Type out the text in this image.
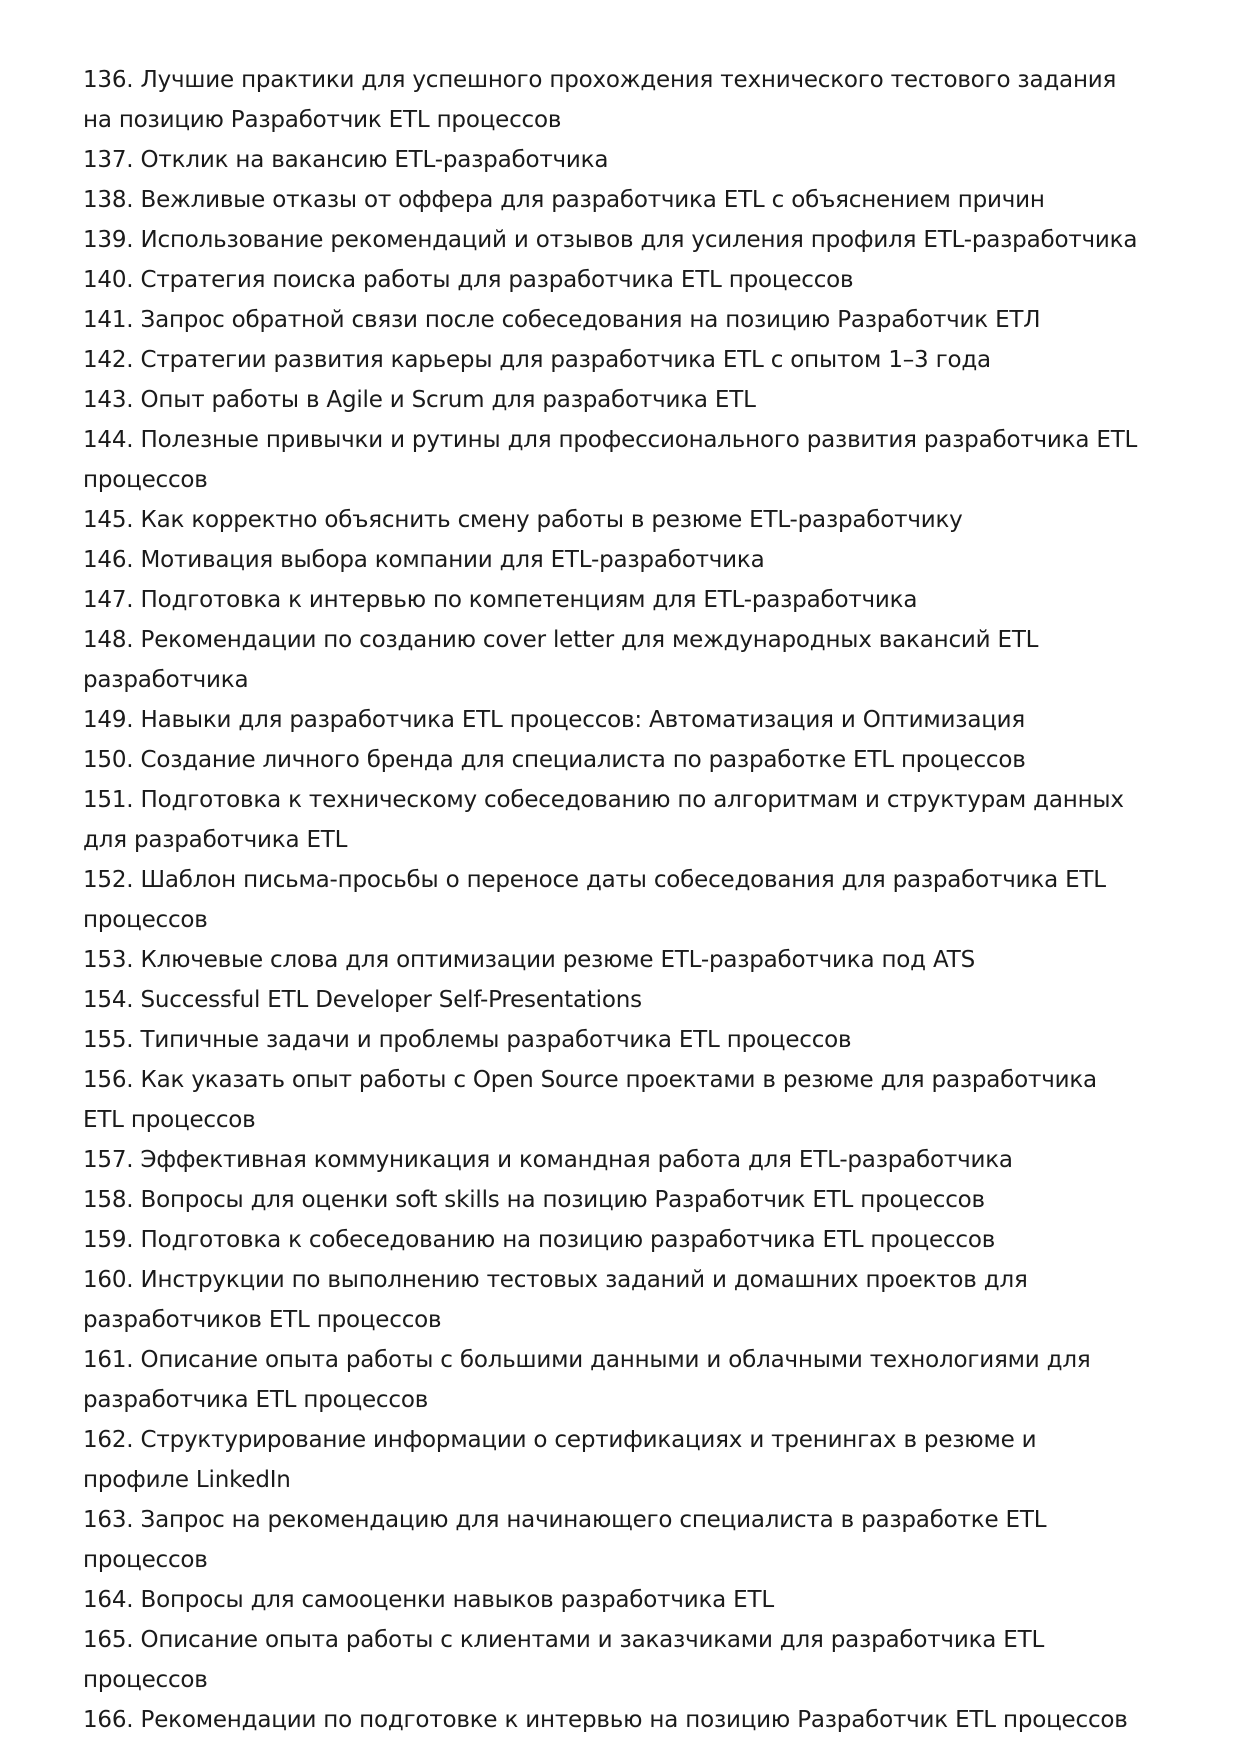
136. Лучшие практики для успешного прохождения технического тестового задания на позицию Разработчик ETL процессов
137. Отклик на вакансию ETL-разработчика
138. Вежливые отказы от оффера для разработчика ETL с объяснением причин
139. Использование рекомендаций и отзывов для усиления профиля ETL-разработчика
140. Стратегия поиска работы для разработчика ETL процессов
141. Запрос обратной связи после собеседования на позицию Разработчик ЕТЛ
142. Стратегии развития карьеры для разработчика ETL с опытом 1–3 года
143. Опыт работы в Agile и Scrum для разработчика ETL
144. Полезные привычки и рутины для профессионального развития разработчика ETL процессов
145. Как корректно объяснить смену работы в резюме ETL-разработчику
146. Мотивация выбора компании для ETL-разработчика
147. Подготовка к интервью по компетенциям для ETL-разработчика
148. Рекомендации по созданию cover letter для международных вакансий ETL разработчика
149. Навыки для разработчика ETL процессов: Автоматизация и Оптимизация
150. Создание личного бренда для специалиста по разработке ETL процессов
151. Подготовка к техническому собеседованию по алгоритмам и структурам данных для разработчика ETL
152. Шаблон письма-просьбы о переносе даты собеседования для разработчика ETL процессов
153. Ключевые слова для оптимизации резюме ETL-разработчика под ATS
154. Successful ETL Developer Self-Presentations
155. Типичные задачи и проблемы разработчика ETL процессов
156. Как указать опыт работы с Open Source проектами в резюме для разработчика ETL процессов
157. Эффективная коммуникация и командная работа для ETL-разработчика
158. Вопросы для оценки soft skills на позицию Разработчик ETL процессов
159. Подготовка к собеседованию на позицию разработчика ETL процессов
160. Инструкции по выполнению тестовых заданий и домашних проектов для разработчиков ETL процессов
161. Описание опыта работы с большими данными и облачными технологиями для разработчика ETL процессов
162. Структурирование информации о сертификациях и тренингах в резюме и профиле LinkedIn
163. Запрос на рекомендацию для начинающего специалиста в разработке ETL процессов
164. Вопросы для самооценки навыков разработчика ETL
165. Описание опыта работы с клиентами и заказчиками для разработчика ETL процессов
166. Рекомендации по подготовке к интервью на позицию Разработчик ETL процессов
